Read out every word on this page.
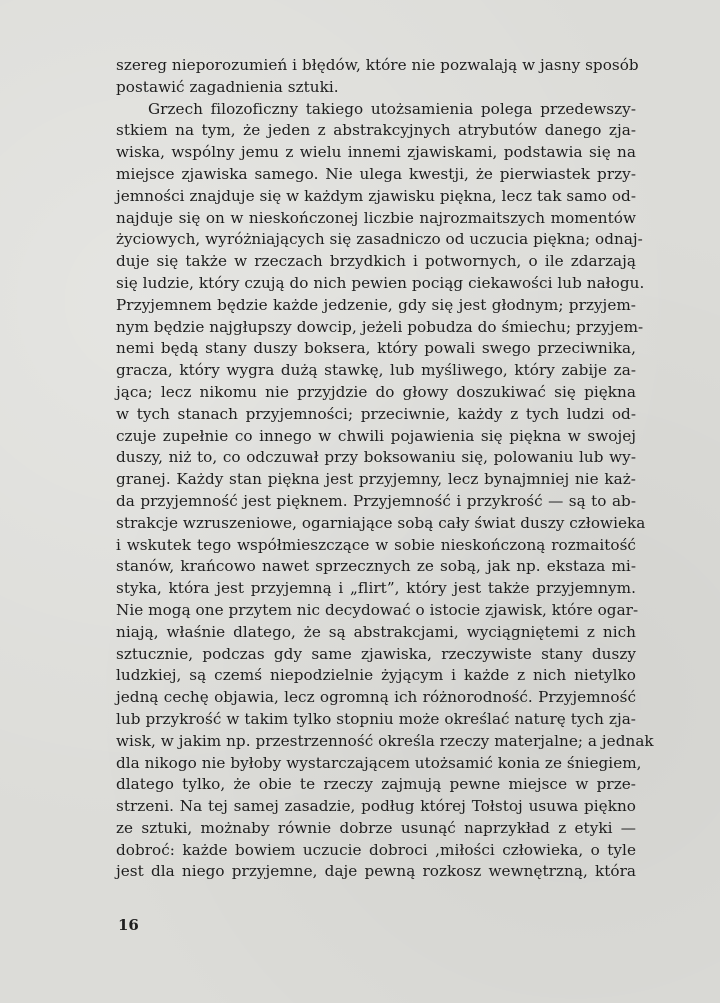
szereg nieporozumień i błędów, które nie pozwalają w jasny sposób
postawić zagadnienia sztuki.
Grzech filozoficzny takiego utożsamienia polega przedewszy-
stkiem na tym, że jeden z abstrakcyjnych atrybutów danego zja-
wiska, wspólny jemu z wielu innemi zjawiskami, podstawia się na
miejsce zjawiska samego. Nie ulega kwestji, że pierwiastek przy-
jemności znajduje się w każdym zjawisku piękna, lecz tak samo od-
najduje się on w nieskończonej liczbie najrozmaitszych momentów
życiowych, wyróżniających się zasadniczo od uczucia piękna; odnaj-
duje się także w rzeczach brzydkich i potwornych, o ile zdarzają
się ludzie, który czują do nich pewien pociąg ciekawości lub nałogu.
Przyjemnem będzie każde jedzenie, gdy się jest głodnym; przyjem-
nym będzie najgłupszy dowcip, jeżeli pobudza do śmiechu; przyjem-
nemi będą stany duszy boksera, który powali swego przeciwnika,
gracza, który wygra dużą stawkę, lub myśliwego, który zabije za-
jąca; lecz nikomu nie przyjdzie do głowy doszukiwać się piękna
w tych stanach przyjemności; przeciwnie, każdy z tych ludzi od-
czuje zupełnie co innego w chwili pojawienia się piękna w swojej
duszy, niż to, co odczuwał przy boksowaniu się, polowaniu lub wy-
granej. Każdy stan piękna jest przyjemny, lecz bynajmniej nie każ-
da przyjemność jest pięknem. Przyjemność i przykrość — są to ab-
strakcje wzruszeniowe, ogarniające sobą cały świat duszy człowieka
i wskutek tego współmieszczące w sobie nieskończoną rozmaitość
stanów, krańcowo nawet sprzecznych ze sobą, jak np. ekstaza mi-
styka, która jest przyjemną i „flirt”, który jest także przyjemnym.
Nie mogą one przytem nic decydować o istocie zjawisk, które ogar-
niają, właśnie dlatego, że są abstrakcjami, wyciągniętemi z nich
sztucznie, podczas gdy same zjawiska, rzeczywiste stany duszy
ludzkiej, są czemś niepodzielnie żyjącym i każde z nich nietylko
jedną cechę objawia, lecz ogromną ich różnorodność. Przyjemność
lub przykrość w takim tylko stopniu może określać naturę tych zja-
wisk, w jakim np. przestrzenność określa rzeczy materjalne; a jednak
dla nikogo nie byłoby wystarczającem utożsamić konia ze śniegiem,
dlatego tylko, że obie te rzeczy zajmują pewne miejsce w prze-
strzeni. Na tej samej zasadzie, podług której Tołstoj usuwa piękno
ze sztuki, możnaby równie dobrze usunąć naprzykład z etyki —
dobroć: każde bowiem uczucie dobroci ,miłości człowieka, o tyle
jest dla niego przyjemne, daje pewną rozkosz wewnętrzną, która
16
